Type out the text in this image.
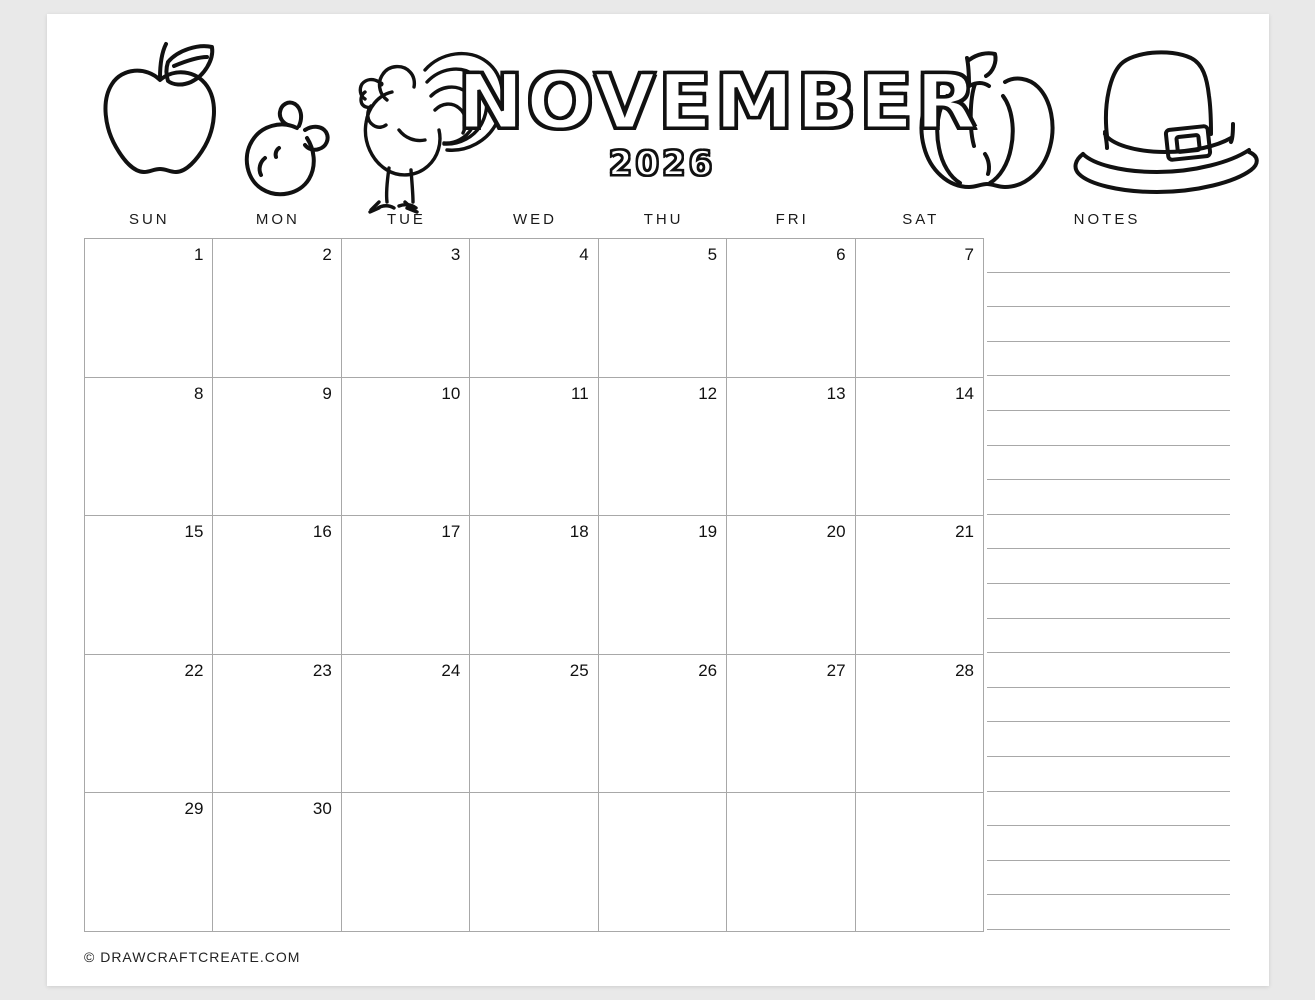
NOVEMBER
2026
SUN	MON	TUE	WED	THU	FRI	SAT	NOTES
1	2	3	4	5	6	7
8	9	10	11	12	13	14
15	16	17	18	19	20	21
22	23	24	25	26	27	28
29	30
© DRAWCRAFTCREATE.COM
